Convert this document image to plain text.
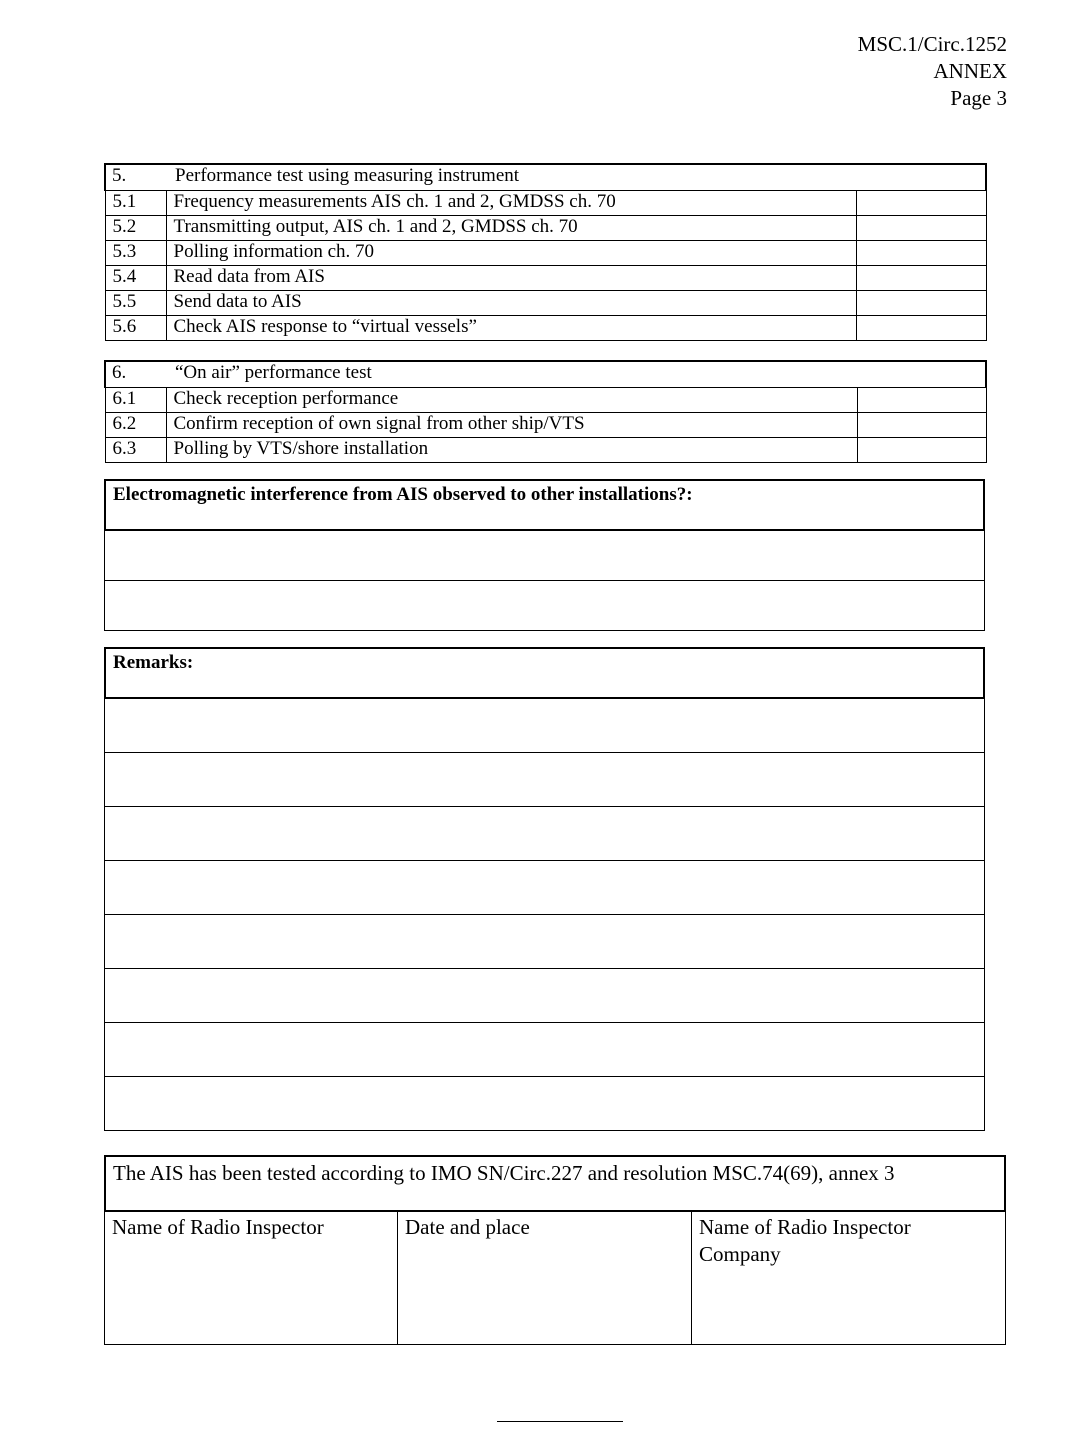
MSC.1/Circ.1252
ANNEX
Page 3
5. Performance test using measuring instrument		
5.1	Frequency measurements AIS ch. 1 and 2, GMDSS ch. 70	
5.2	Transmitting output, AIS ch. 1 and 2, GMDSS ch. 70	
5.3	Polling information ch. 70	
5.4	Read data from AIS	
5.5	Send data to AIS	
5.6	Check AIS response to “virtual vessels”	
6. “On air” performance test		
6.1	Check reception performance	
6.2	Confirm reception of own signal from other ship/VTS	
6.3	Polling by VTS/shore installation	
Electromagnetic interference from AIS observed to other installations?:
Remarks:
The AIS has been tested according to IMO SN/Circ.227 and resolution MSC.74(69), annex 3
Name of Radio Inspector	Date and place	Name of Radio Inspector
Company
